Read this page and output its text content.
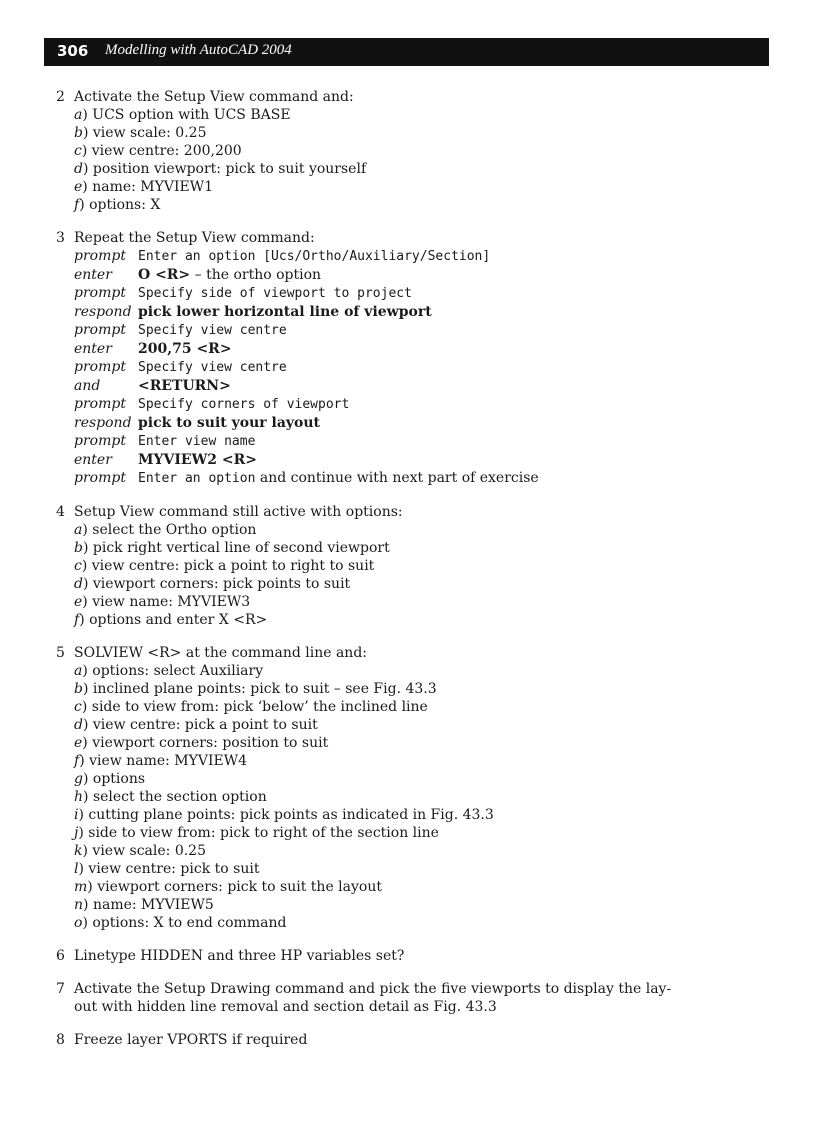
306 Modelling with AutoCAD 2004
2 Activate the Setup View command and:
a) UCS option with UCS BASE
b) view scale: 0.25
c) view centre: 200,200
d) position viewport: pick to suit yourself
e) name: MYVIEW1
f) options: X
3 Repeat the Setup View command:
prompt Enter an option [Ucs/Ortho/Auxiliary/Section]
enter	O <R> – the ortho option
prompt Specify side of viewport to project
respond pick lower horizontal line of viewport
prompt Specify view centre
enter	200,75 <R>
prompt Specify view centre
and	<RETURN>
prompt Specify corners of viewport
respond pick to suit your layout
prompt Enter view name
enter	MYVIEW2 <R>
prompt Enter an option and continue with next part of exercise
4 Setup View command still active with options:
a) select the Ortho option
b) pick right vertical line of second viewport
c) view centre: pick a point to right to suit
d) viewport corners: pick points to suit
e) view name: MYVIEW3
f) options and enter X <R>
5 SOLVIEW <R> at the command line and:
a) options: select Auxiliary
b) inclined plane points: pick to suit – see Fig. 43.3
c) side to view from: pick ‘below’ the inclined line
d) view centre: pick a point to suit
e) viewport corners: position to suit
f) view name: MYVIEW4
g) options
h) select the section option
i) cutting plane points: pick points as indicated in Fig. 43.3
j) side to view from: pick to right of the section line
k) view scale: 0.25
l) view centre: pick to suit
m) viewport corners: pick to suit the layout
n) name: MYVIEW5
o) options: X to end command
6 Linetype HIDDEN and three HP variables set?
7 Activate the Setup Drawing command and pick the five viewports to display the lay-
out with hidden line removal and section detail as Fig. 43.3
8 Freeze layer VPORTS if required
